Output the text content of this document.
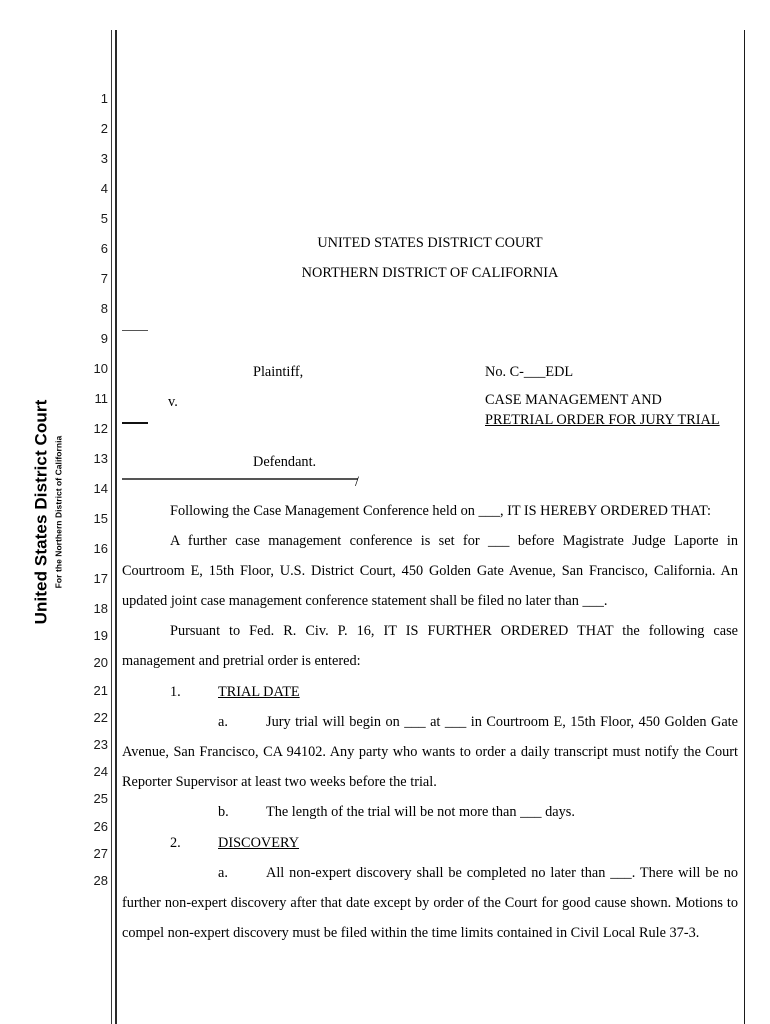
United States District Court For the Northern District of California
1
2
3
4
5
6
7
8
9
10
11
12
13
14
15
16
17
18
19
20
21
22
23
24
25
26
27
28
UNITED STATES DISTRICT COURT
NORTHERN DISTRICT OF CALIFORNIA
Plaintiff,
v.
Defendant.
/
No. C-___EDL
CASE MANAGEMENT AND
PRETRIAL ORDER FOR JURY TRIAL

Following the Case Management Conference held on ___, IT IS HEREBY ORDERED THAT:

A further case management conference is set for ___ before Magistrate Judge Laporte in Courtroom E, 15th Floor, U.S. District Court, 450 Golden Gate Avenue, San Francisco, California. An updated joint case management conference statement shall be filed no later than ___.

Pursuant to Fed. R. Civ. P. 16, IT IS FURTHER ORDERED THAT the following case management and pretrial order is entered:

1.	TRIAL DATE

a.	Jury trial will begin on ___ at ___ in Courtroom E, 15th Floor, 450 Golden Gate Avenue, San Francisco, CA 94102. Any party who wants to order a daily transcript must notify the Court Reporter Supervisor at least two weeks before the trial.

b.	The length of the trial will be not more than ___ days.

2.	DISCOVERY

a.	All non-expert discovery shall be completed no later than ___. There will be no further non-expert discovery after that date except by order of the Court for good cause shown. Motions to compel non-expert discovery must be filed within the time limits contained in Civil Local Rule 37-3.
